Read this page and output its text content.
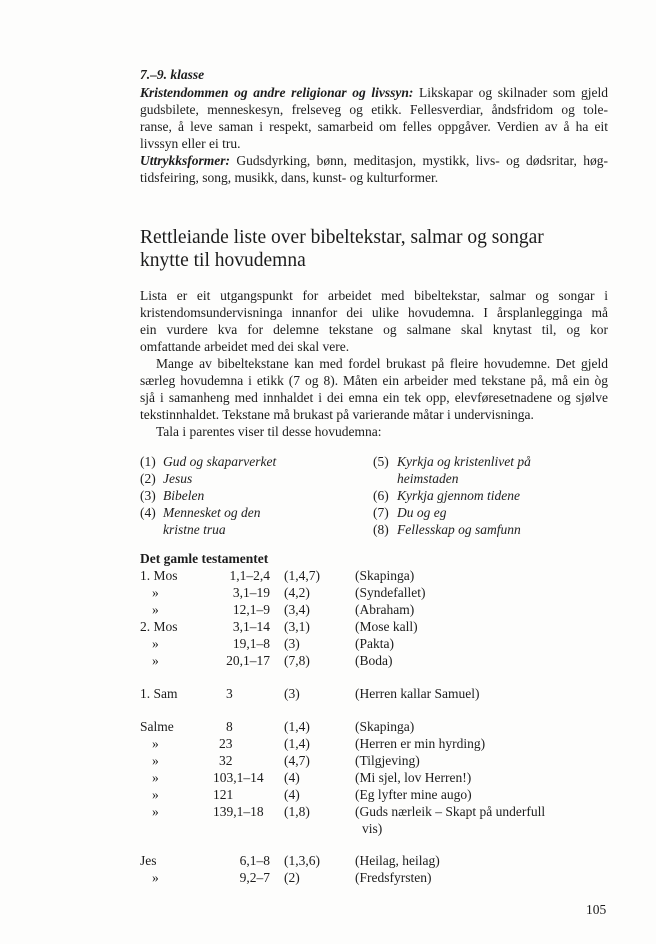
7.–9. klasse
Kristendommen og andre religionar og livssyn: Likskapar og skilnader som gjeld
gudsbilete, menneskesyn, frelseveg og etikk. Fellesverdiar, åndsfridom og tole-
ranse, å leve saman i respekt, samarbeid om felles oppgåver. Verdien av å ha eit
livssyn eller ei tru.
Uttrykksformer: Gudsdyrking, bønn, meditasjon, mystikk, livs- og dødsritar, høg-
tidsfeiring, song, musikk, dans, kunst- og kulturformer.
Rettleiande liste over bibeltekstar, salmar og songar
knytte til hovudemna
Lista er eit utgangspunkt for arbeidet med bibeltekstar, salmar og songar i
kristendomsundervisninga innanfor dei ulike hovudemna. I årsplanlegginga må
ein vurdere kva for delemne tekstane og salmane skal knytast til, og kor
omfattande arbeidet med dei skal vere.
Mange av bibeltekstane kan med fordel brukast på fleire hovudemne. Det gjeld
særleg hovudemna i etikk (7 og 8). Måten ein arbeider med tekstane på, må ein òg
sjå i samanheng med innhaldet i dei emna ein tek opp, elevføresetnadene og sjølve
tekstinnhaldet. Tekstane må brukast på varierande måtar i undervisninga.
Tala i parentes viser til desse hovudemna:
(1) Gud og skaparverket
(2) Jesus
(3) Bibelen
(4) Mennesket og den
kristne trua
(5) Kyrkja og kristenlivet på
heimstaden
(6) Kyrkja gjennom tidene
(7) Du og eg
(8) Fellesskap og samfunn
Det gamle testamentet
1. Mos	1,1–2,4 (1,4,7)	(Skapinga)
»	3,1–19 (4,2)	(Syndefallet)
»	12,1–9 (3,4)	(Abraham)
2. Mos	3,1–14 (3,1)	(Mose kall)
»	19,1–8 (3)	(Pakta)
»	20,1–17 (7,8)	(Boda)
1. Sam	3	(3)	(Herren kallar Samuel)
Salme	8	(1,4)	(Skapinga)
»	23	(1,4)	(Herren er min hyrding)
»	32	(4,7)	(Tilgjeving)
»	103,1–14 (4)	(Mi sjel, lov Herren!)
»	121	(4)	(Eg lyfter mine augo)
»	139,1–18 (1,8)	(Guds nærleik – Skapt på underfull
vis)
Jes	6,1–8 (1,3,6)	(Heilag, heilag)
»	9,2–7 (2)	(Fredsfyrsten)
105
